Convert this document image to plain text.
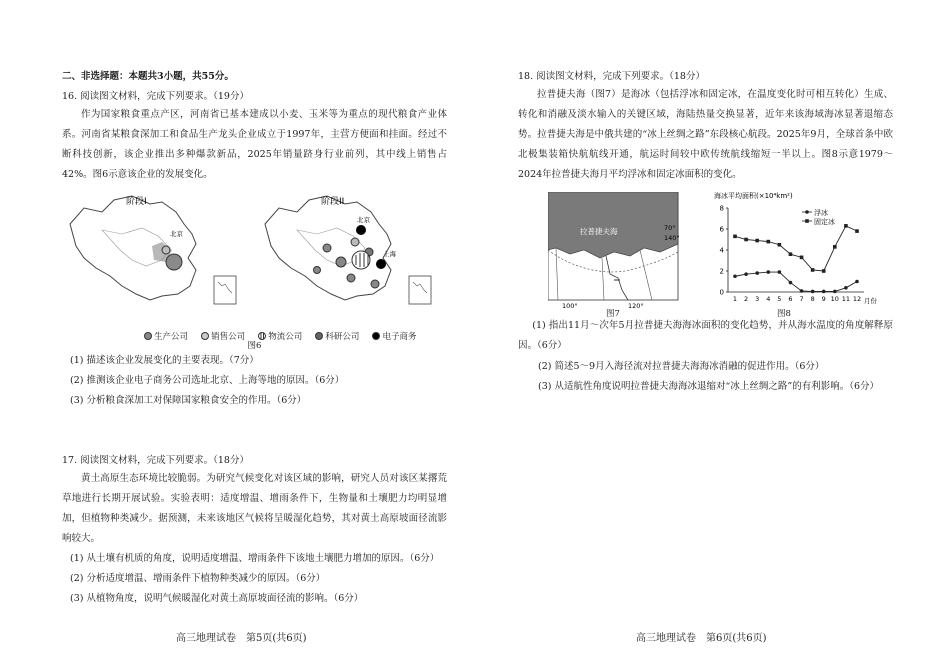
二、非选择题：本题共3小题，共55分。
16. 阅读图文材料，完成下列要求。（19分）
作为国家粮食重点产区，河南省已基本建成以小麦、玉米等为重点的现代粮食产业体系。河南省某粮食深加工和食品生产龙头企业成立于1997年，主营方便面和挂面。经过不断科技创新，该企业推出多种爆款新品，2025年销量跻身行业前列，其中线上销售占42%。图6示意该企业的发展变化。
阶段I
北京
阶段II
北京
上海
生产公司
	销售公司
	物流公司
	科研公司
	电子商务
图6
(1) 描述该企业发展变化的主要表现。（7分）
(2) 推测该企业电子商务公司选址北京、上海等地的原因。（6分）
(3) 分析粮食深加工对保障国家粮食安全的作用。（6分）
17. 阅读图文材料，完成下列要求。（18分）
黄土高原生态环境比较脆弱。为研究气候变化对该区域的影响，研究人员对该区某撂荒草地进行长期开展试验。实验表明：适度增温、增雨条件下，生物量和土壤肥力均明显增加，但植物种类减少。据预测，未来该地区气候将呈暖湿化趋势，其对黄土高原坡面径流影响较大。
(1) 从土壤有机质的角度，说明适度增温、增雨条件下该地土壤肥力增加的原因。（6分）
(2) 分析适度增温、增雨条件下植物种类减少的原因。（6分）
(3) 从植物角度，说明气候暖湿化对黄土高原坡面径流的影响。（6分）
高三地理试卷　第5页(共6页)
18. 阅读图文材料，完成下列要求。（18分）
拉普捷夫海（图7）是海冰（包括浮冰和固定冰，在温度变化时可相互转化）生成、转化和消融及淡水输入的关键区域，海陆热量交换显著，近年来该海域海冰显著退缩态势。拉普捷夫海是中俄共建的“冰上丝绸之路”东段核心航段。2025年9月，全球首条中欧北极集装箱快航航线开通，航运时间较中欧传统航线缩短一半以上。图8示意1979～2024年拉普捷夫海月平均浮冰和固定冰面积的变化。
拉普捷夫海	70°
140°
100°	120°
图7
海冰平均面积(×10⁴km²)
0
2
4
6
8
1 2 3 4 5 6 7 8 9 10 11 12
浮冰
固定冰
月份
图8
(1) 指出11月～次年5月拉普捷夫海海冰面积的变化趋势，并从海水温度的角度解释原因。（6分）
(2) 简述5～9月入海径流对拉普捷夫海海冰消融的促进作用。（6分）
(3) 从适航性角度说明拉普捷夫海海冰退缩对“冰上丝绸之路”的有利影响。（6分）
高三地理试卷　第6页(共6页)
